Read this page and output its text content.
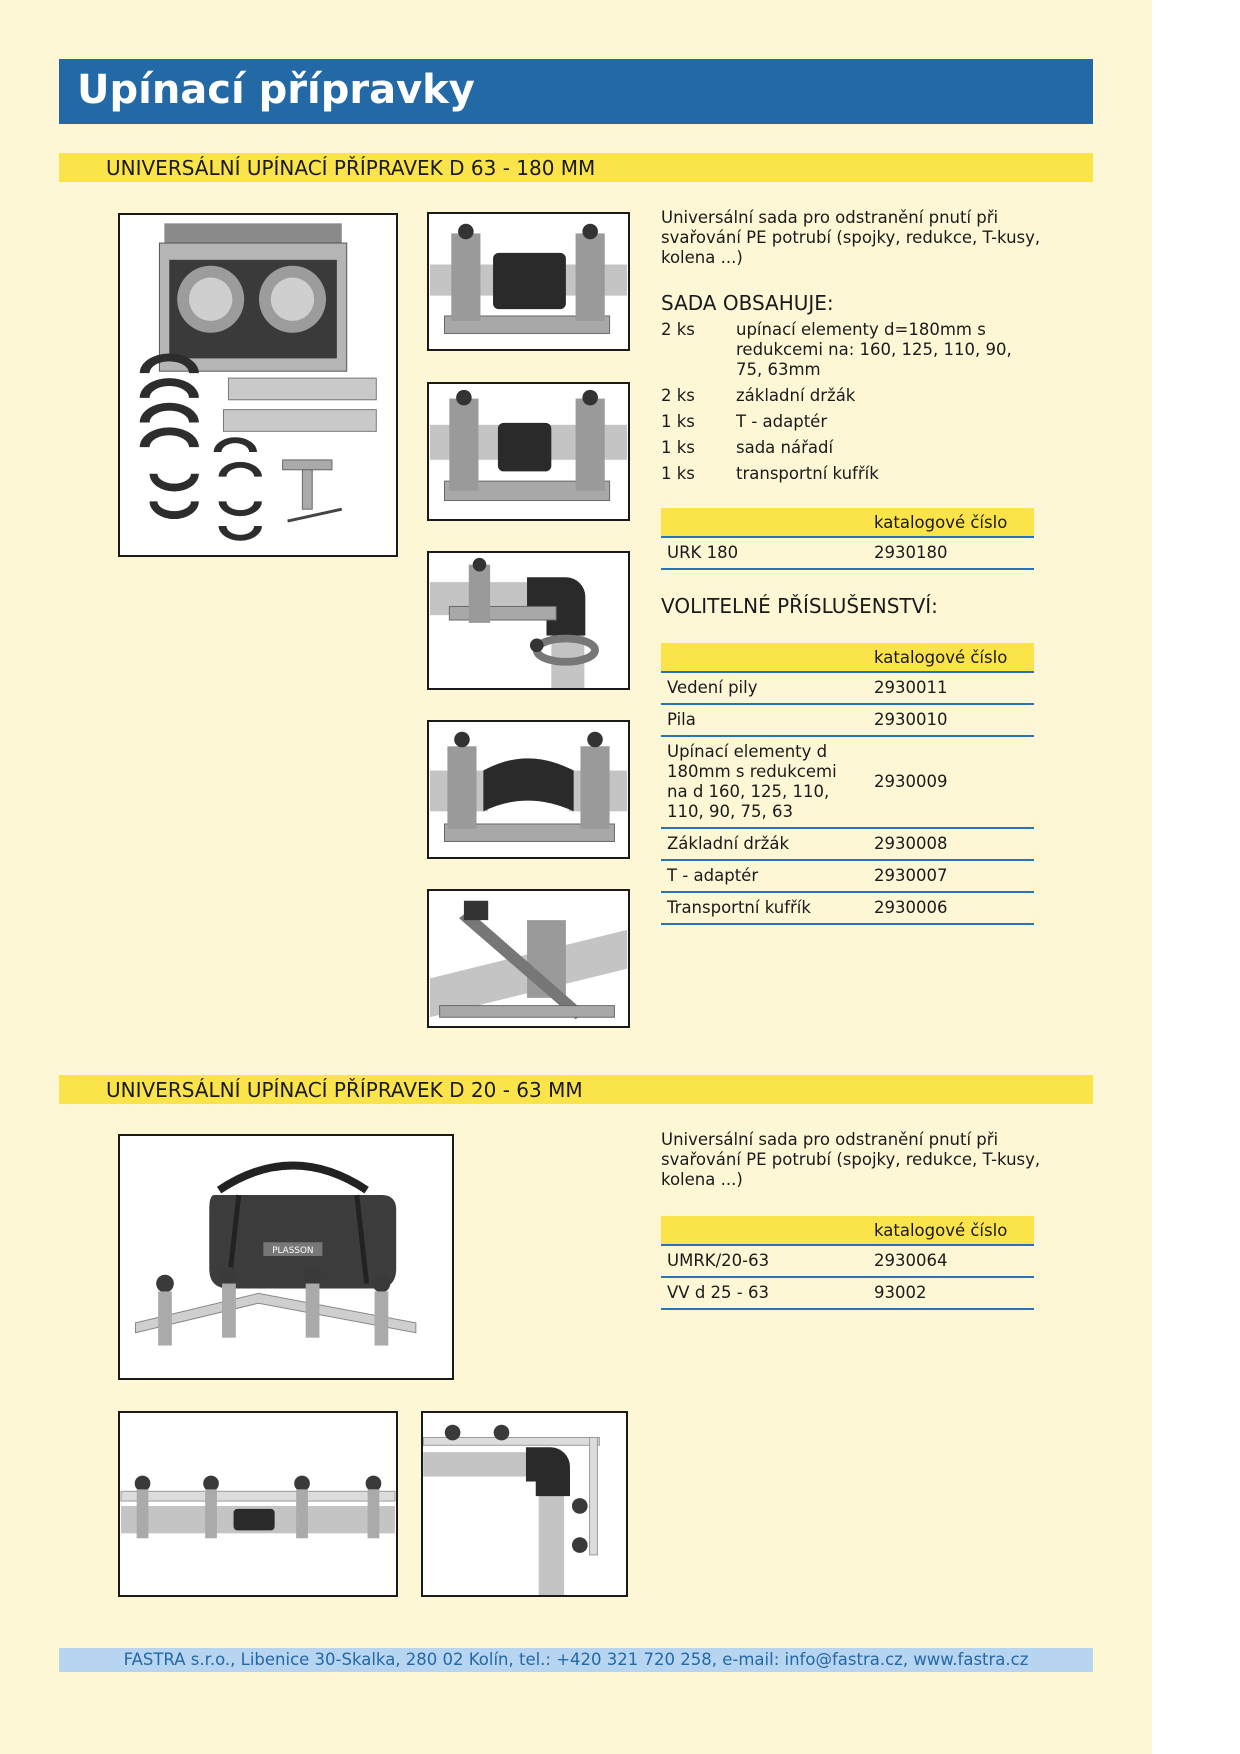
Upínací přípravky
UNIVERSÁLNÍ UPÍNACÍ PŘÍPRAVEK D 63 - 180 MM
Universální sada pro odstranění pnutí při svařování PE potrubí (spojky, redukce, T-kusy, kolena ...)
SADA OBSAHUJE:
2 ks	upínací elementy d=180mm s redukcemi na: 160, 125, 110, 90, 75, 63mm
2 ks	základní držák
1 ks	T - adaptér
1 ks	sada nářadí
1 ks	transportní kufřík
	katalogové číslo
URK 180	2930180
VOLITELNÉ PŘÍSLUŠENSTVÍ:
	katalogové číslo
Vedení pily	2930011
Pila	2930010
Upínací elementy d 180mm s redukcemi na d 160, 125, 110, 110, 90, 75, 63	2930009
Základní držák	2930008
T - adaptér	2930007
Transportní kufřík	2930006
UNIVERSÁLNÍ UPÍNACÍ PŘÍPRAVEK D 20 - 63 MM
PLASSON
Universální sada pro odstranění pnutí při svařování PE potrubí (spojky, redukce, T-kusy, kolena ...)
	katalogové číslo
UMRK/20-63	2930064
VV d 25 - 63	93002
FASTRA s.r.o., Libenice 30-Skalka, 280 02 Kolín, tel.: +420 321 720 258, e-mail: info@fastra.cz, www.fastra.cz
